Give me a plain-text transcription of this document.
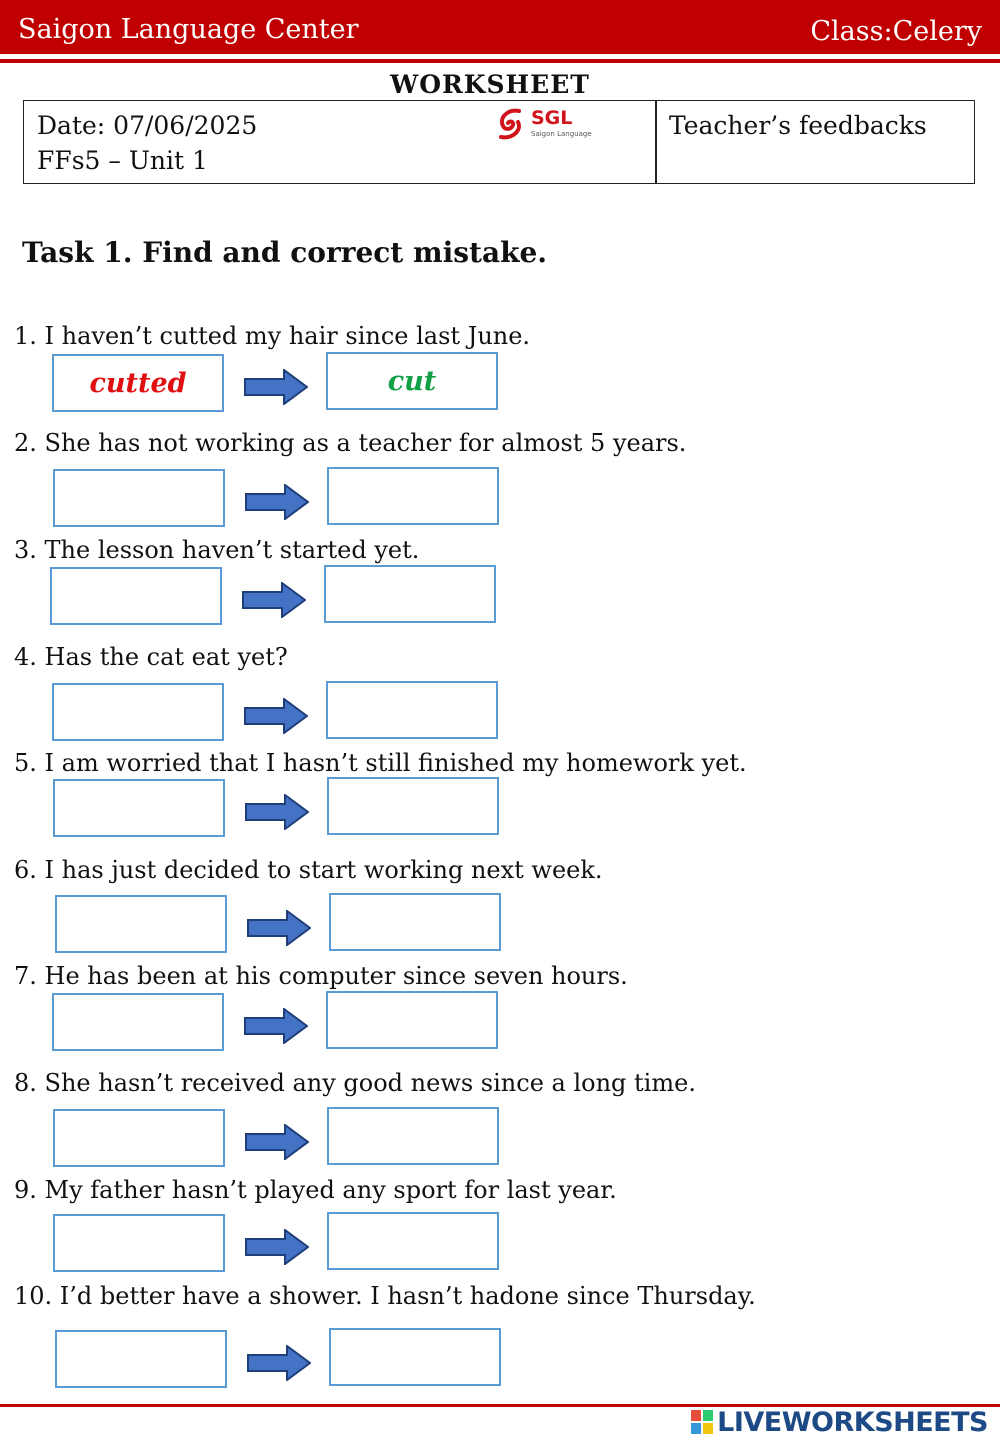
Saigon Language Center	Class:Celery
WORKSHEET
Date: 07/06/2025
FFs5 – Unit 1
Teacher’s feedbacks
SGL
Saigon Language
Task 1. Find and correct mistake.
1. I haven’t cutted my hair since last June.
cutted	cut
2. She has not working as a teacher for almost 5 years.
3. The lesson haven’t started yet.
4. Has the cat eat yet?
5. I am worried that I hasn’t still finished my homework yet.
6. I has just decided to start working next week.
7. He has been at his computer since seven hours.
8. She hasn’t received any good news since a long time.
9. My father hasn’t played any sport for last year.
10. I’d better have a shower. I hasn’t hadone since Thursday.
LIVEWORKSHEETS
